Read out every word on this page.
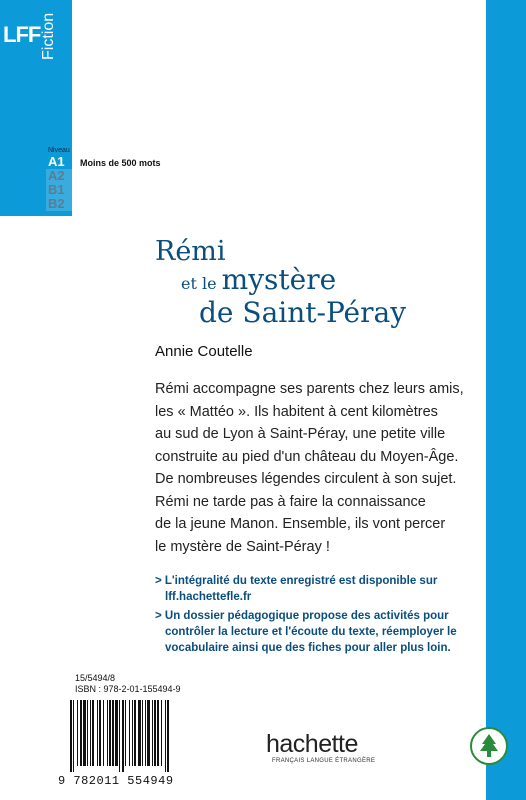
LFF Fiction
Niveau
A1
A2
B1
B2
Moins de 500 mots
Rémi
et le mystère
de Saint-Péray
Annie Coutelle
Rémi accompagne ses parents chez leurs amis,
les « Mattéo ». Ils habitent à cent kilomètres
au sud de Lyon à Saint-Péray, une petite ville
construite au pied d'un château du Moyen-Âge.
De nombreuses légendes circulent à son sujet.
Rémi ne tarde pas à faire la connaissance
de la jeune Manon. Ensemble, ils vont percer
le mystère de Saint-Péray !
> L'intégralité du texte enregistré est disponible sur lff.hachettefle.fr
> Un dossier pédagogique propose des activités pour contrôler la lecture et l'écoute du texte, réemployer le vocabulaire ainsi que des fiches pour aller plus loin.
15/5494/8
ISBN : 978-2-01-155494-9
9 782011 554949
hachette
FRANÇAIS LANGUE ÉTRANGÈRE
